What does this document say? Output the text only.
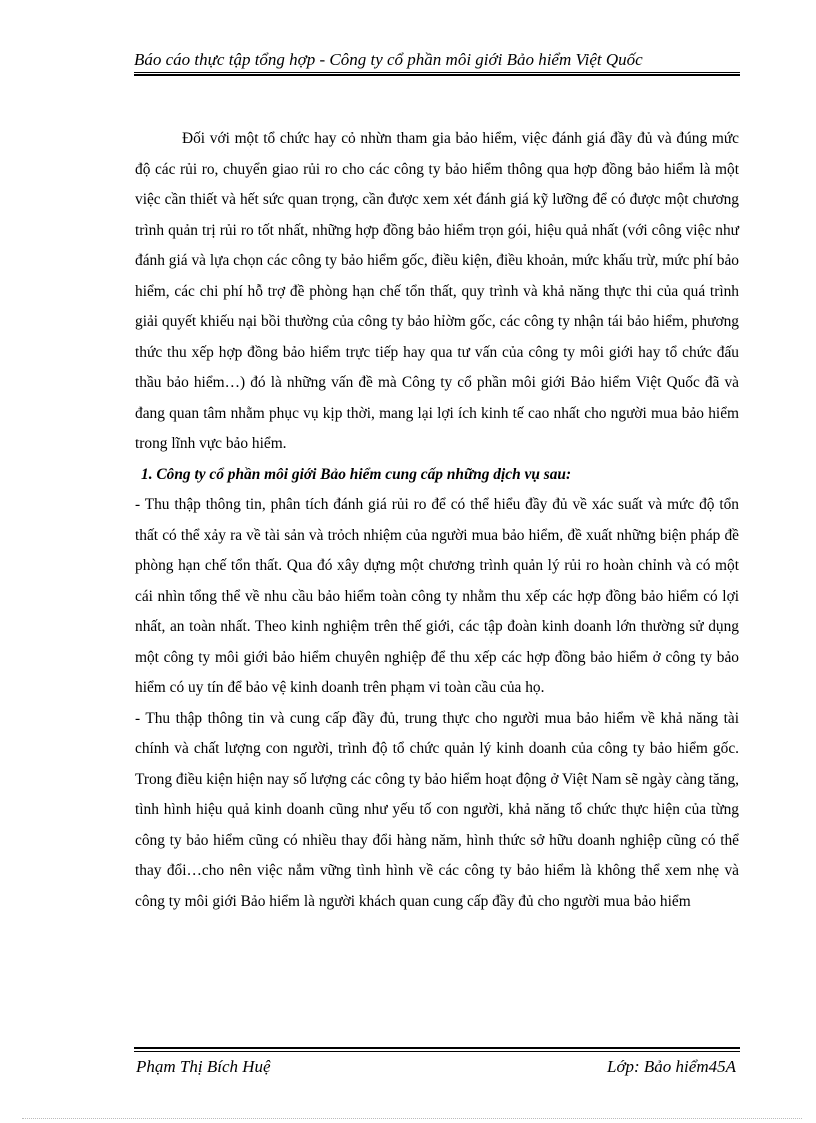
Báo cáo thực tập tổng hợp - Công ty cổ phần môi giới Bảo hiểm Việt Quốc

Đối với một tổ chức hay cỏ nhừn tham gia bảo hiểm, việc đánh giá đầy đủ và đúng mức độ các rủi ro, chuyển giao rủi ro cho các công ty bảo hiểm thông qua hợp đồng bảo hiểm là một việc cần thiết và hết sức quan trọng, cần được xem xét đánh giá kỹ lưỡng để có được một chương trình quản trị rủi ro tốt nhất, những hợp đồng bảo hiểm trọn gói, hiệu quả nhất (với công việc như đánh giá và lựa chọn các công ty bảo hiểm gốc, điều kiện, điều khoản, mức khấu trừ, mức phí bảo hiểm, các chi phí hỗ trợ đề phòng hạn chế tổn thất, quy trình và khả năng thực thi của quá trình giải quyết khiếu nại bồi thường của công ty bảo hỉờm gốc, các công ty nhận tái bảo hiểm, phương thức thu xếp hợp đồng bảo hiểm trực tiếp hay qua tư vấn của công ty môi giới hay tổ chức đấu thầu bảo hiểm…) đó là những vấn đề mà Công ty cổ phần môi giới Bảo hiểm Việt Quốc đã và đang quan tâm nhằm phục vụ kịp thời, mang lại lợi ích kinh tế cao nhất cho người mua bảo hiểm trong lĩnh vực bảo hiểm.

1. Công ty cổ phần môi giới Bảo hiểm cung cấp những dịch vụ sau:

- Thu thập thông tin, phân tích đánh giá rủi ro để có thể hiểu đầy đủ về xác suất và mức độ tổn thất có thể xảy ra về tài sản và trỏch nhiệm của người mua bảo hiểm, đề xuất những biện pháp đề phòng hạn chế tổn thất. Qua đó xây dựng một chương trình quản lý rủi ro hoàn chỉnh và có một cái nhìn tổng thể về nhu cầu bảo hiểm toàn công ty nhằm thu xếp các hợp đồng bảo hiểm có lợi nhất, an toàn nhất. Theo kinh nghiệm trên thế giới, các tập đoàn kinh doanh lớn thường sử dụng một công ty môi giới bảo hiểm chuyên nghiệp để thu xếp các hợp đồng bảo hiểm ở công ty bảo hiểm có uy tín để bảo vệ kinh doanh trên phạm vi toàn cầu của họ.

- Thu thập thông tin và cung cấp đầy đủ, trung thực cho người mua bảo hiểm về khả năng tài chính và chất lượng con người, trình độ tổ chức quản lý kinh doanh của công ty bảo hiểm gốc. Trong điều kiện hiện nay số lượng các công ty bảo hiểm hoạt động ở Việt Nam sẽ ngày càng tăng, tình hình hiệu quả kinh doanh cũng như yếu tố con người, khả năng tổ chức thực hiện của từng công ty bảo hiểm cũng có nhiều thay đổi hàng năm, hình thức sở hữu doanh nghiệp cũng có thể thay đổi…cho nên việc nắm vững tình hình về các công ty bảo hiểm là không thể xem nhẹ và công ty môi giới Bảo hiểm là người khách quan cung cấp đầy đủ cho người mua bảo hiểm

Phạm Thị Bích Huệ	Lớp: Bảo hiểm45A
